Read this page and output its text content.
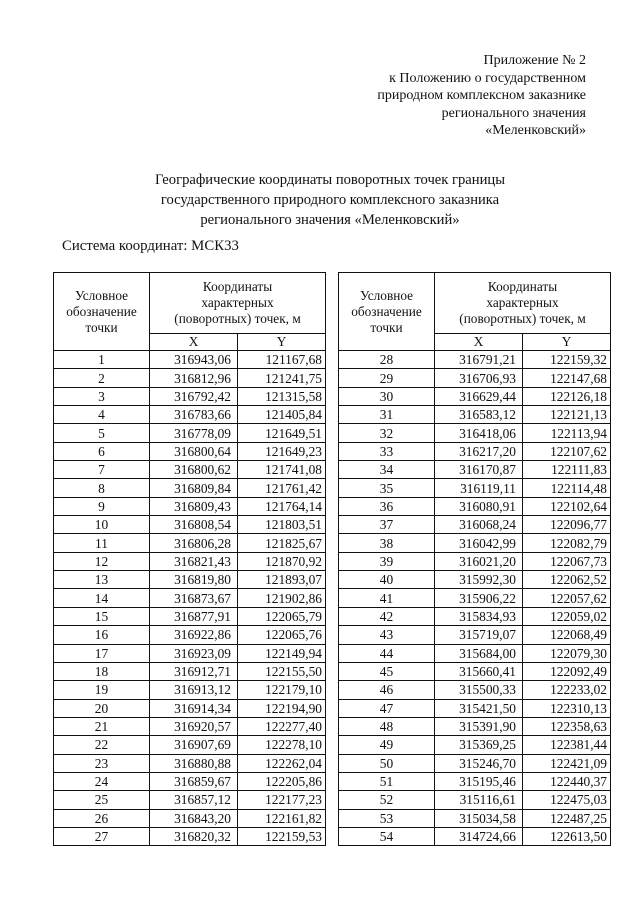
Приложение № 2
к Положению о государственном
природном комплексном заказнике
регионального значения
«Меленковский»
Географические координаты поворотных точек границы
государственного природного комплексного заказника
регионального значения «Меленковский»
Система координат: МСК33
Условное
обозначение
точки	Координаты
характерных
(поворотных) точек, м	

	X	Y
1	316943,06	121167,68
2	316812,96	121241,75
3	316792,42	121315,58
4	316783,66	121405,84
5	316778,09	121649,51
6	316800,64	121649,23
7	316800,62	121741,08
8	316809,84	121761,42
9	316809,43	121764,14
10	316808,54	121803,51
11	316806,28	121825,67
12	316821,43	121870,92
13	316819,80	121893,07
14	316873,67	121902,86
15	316877,91	122065,79
16	316922,86	122065,76
17	316923,09	122149,94
18	316912,71	122155,50
19	316913,12	122179,10
20	316914,34	122194,90
21	316920,57	122277,40
22	316907,69	122278,10
23	316880,88	122262,04
24	316859,67	122205,86
25	316857,12	122177,23
26	316843,20	122161,82
27	316820,32	122159,53
Условное
обозначение
точки	Координаты
характерных
(поворотных) точек, м	

	X	Y
28	316791,21	122159,32
29	316706,93	122147,68
30	316629,44	122126,18
31	316583,12	122121,13
32	316418,06	122113,94
33	316217,20	122107,62
34	316170,87	122111,83
35	316119,11	122114,48
36	316080,91	122102,64
37	316068,24	122096,77
38	316042,99	122082,79
39	316021,20	122067,73
40	315992,30	122062,52
41	315906,22	122057,62
42	315834,93	122059,02
43	315719,07	122068,49
44	315684,00	122079,30
45	315660,41	122092,49
46	315500,33	122233,02
47	315421,50	122310,13
48	315391,90	122358,63
49	315369,25	122381,44
50	315246,70	122421,09
51	315195,46	122440,37
52	315116,61	122475,03
53	315034,58	122487,25
54	314724,66	122613,50
